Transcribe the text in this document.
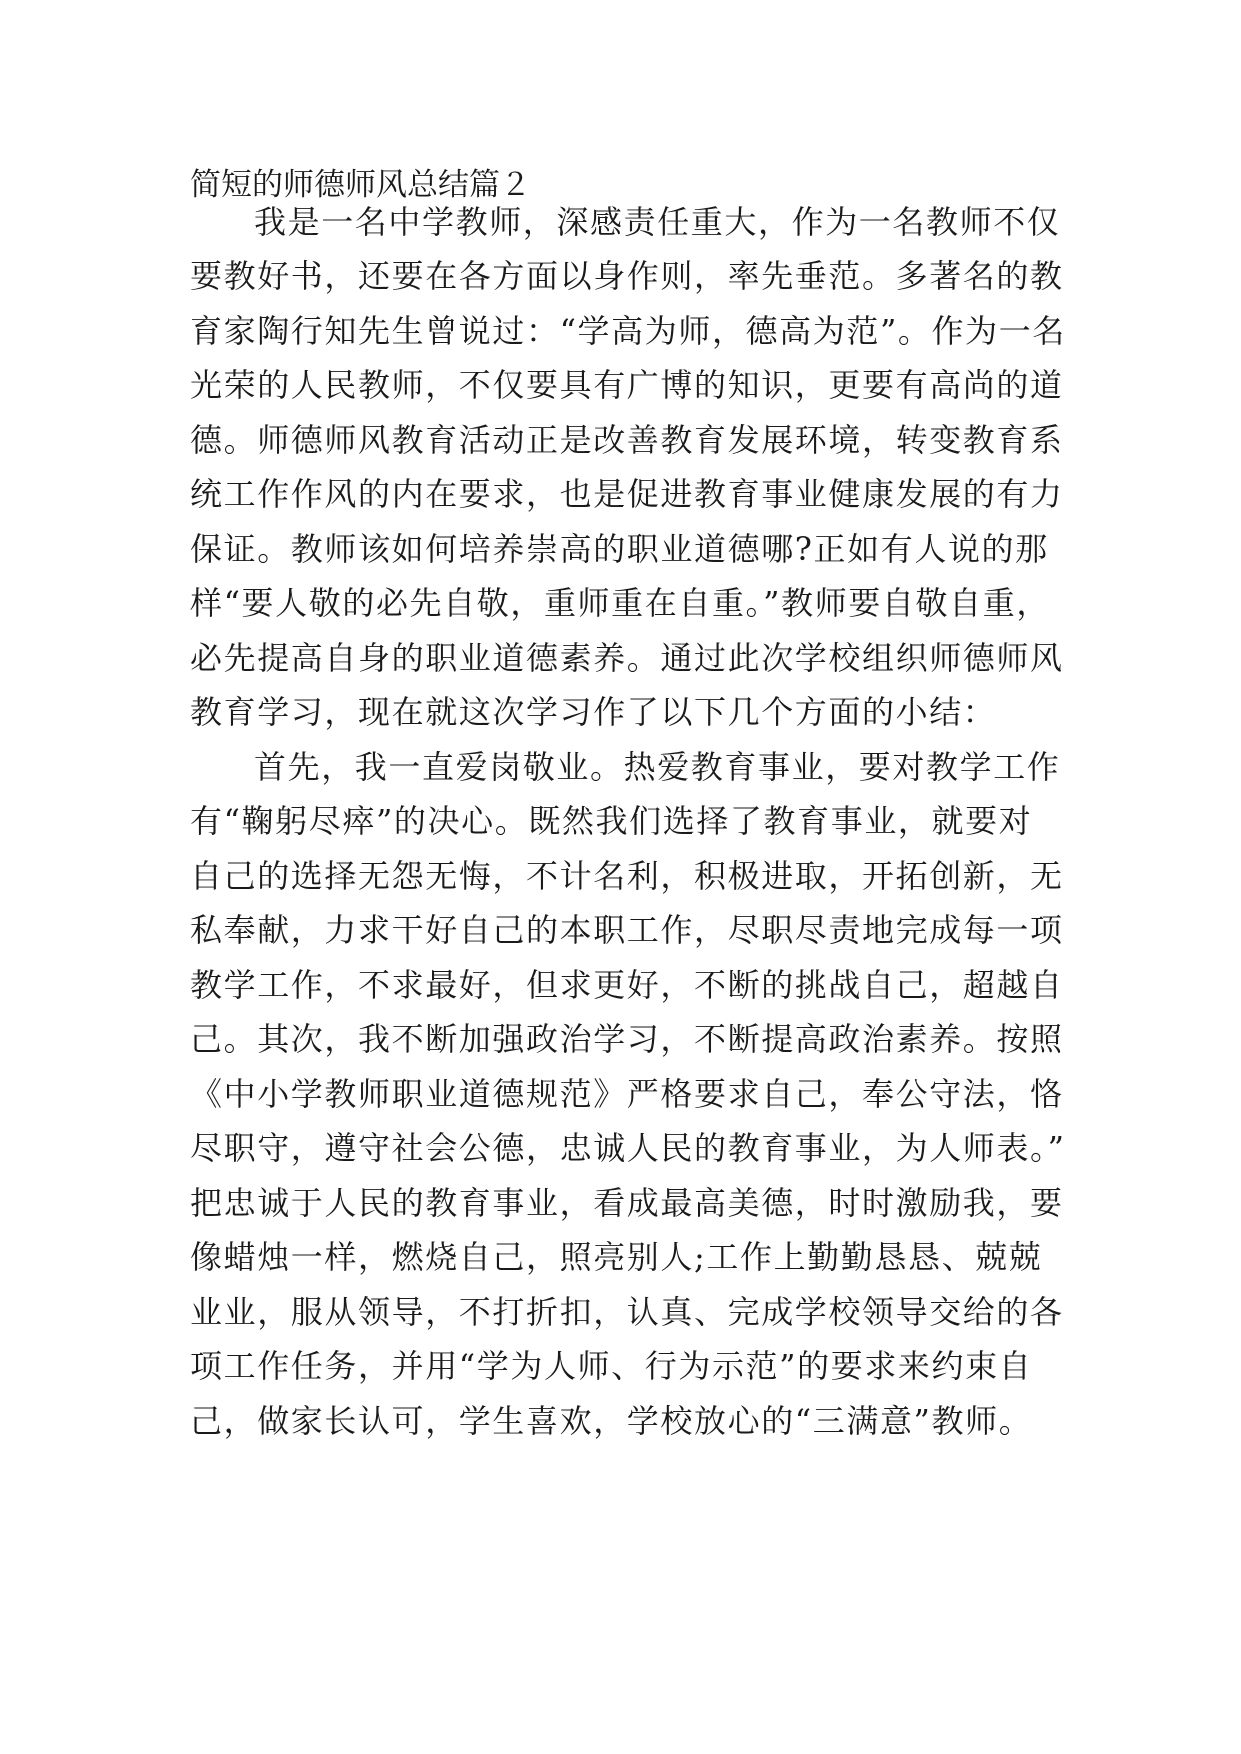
简短的师德师风总结篇２
我是一名中学教师，深感责任重大，作为一名教师不仅
要教好书，还要在各方面以身作则，率先垂范。多著名的教
育家陶行知先生曾说过：“学高为师，德高为范”。作为一名
光荣的人民教师，不仅要具有广博的知识，更要有高尚的道
德。师德师风教育活动正是改善教育发展环境，转变教育系
统工作作风的内在要求，也是促进教育事业健康发展的有力
保证。教师该如何培养崇高的职业道德哪?正如有人说的那
样“要人敬的必先自敬，重师重在自重。”教师要自敬自重，
必先提高自身的职业道德素养。通过此次学校组织师德师风
教育学习，现在就这次学习作了以下几个方面的小结：
首先，我一直爱岗敬业。热爱教育事业，要对教学工作
有“鞠躬尽瘁”的决心。既然我们选择了教育事业，就要对
自己的选择无怨无悔，不计名利，积极进取，开拓创新，无
私奉献，力求干好自己的本职工作，尽职尽责地完成每一项
教学工作，不求最好，但求更好，不断的挑战自己，超越自
己。其次，我不断加强政治学习，不断提高政治素养。按照
《中小学教师职业道德规范》严格要求自己，奉公守法，恪
尽职守，遵守社会公德，忠诚人民的教育事业，为人师表。”
把忠诚于人民的教育事业，看成最高美德，时时激励我，要
像蜡烛一样，燃烧自己，照亮别人;工作上勤勤恳恳、兢兢
业业，服从领导，不打折扣，认真、完成学校领导交给的各
项工作任务，并用“学为人师、行为示范”的要求来约束自
己，做家长认可，学生喜欢，学校放心的“三满意”教师。
